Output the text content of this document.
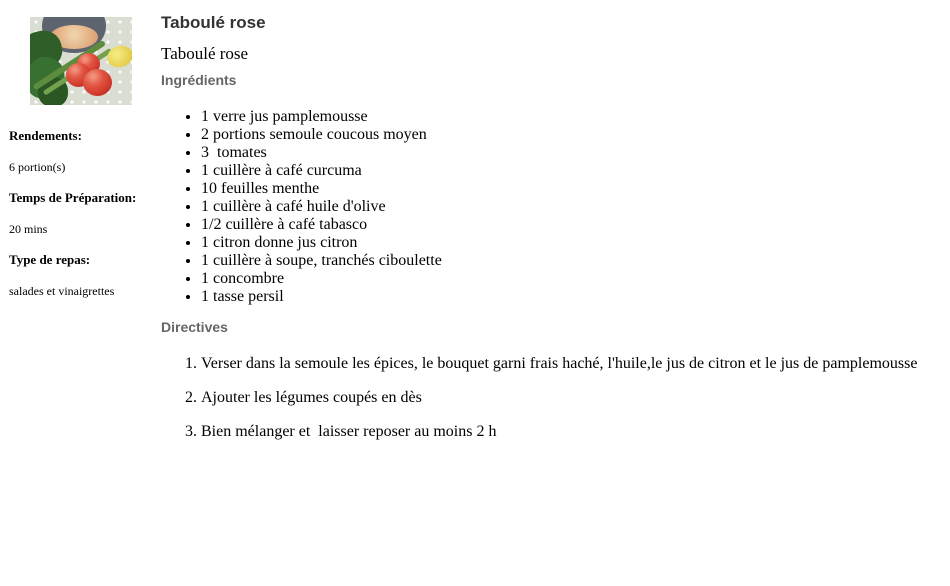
Rendements:

6 portion(s)

Temps de Préparation:

20 mins

Type de repas:

salades et vinaigrettes

Taboulé rose

Taboulé rose

Ingrédients
• 1 verre jus pamplemousse
• 2 portions semoule coucous moyen
• 3  tomates
• 1 cuillère à café curcuma
• 10 feuilles menthe
• 1 cuillère à café huile d'olive
• 1/2 cuillère à café tabasco
• 1 citron donne jus citron
• 1 cuillère à soupe, tranchés ciboulette
• 1 concombre
• 1 tasse persil
Directives
1. Verser dans la semoule les épices, le bouquet garni frais haché, l'huile,le jus de citron et le jus de pamplemousse
2. Ajouter les légumes coupés en dès
3. Bien mélanger et  laisser reposer au moins 2 h
